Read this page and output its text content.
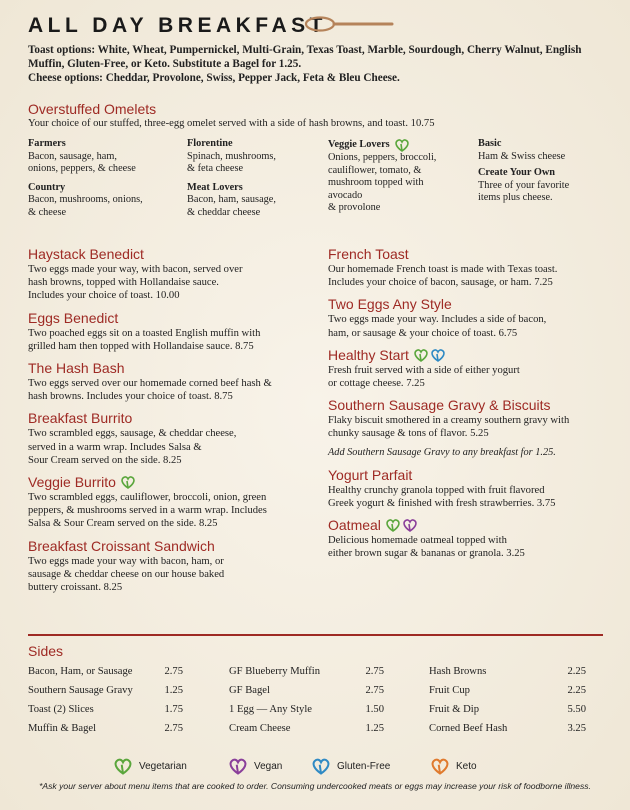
ALL DAY BREAKFAST
Toast options: White, Wheat, Pumpernickel, Multi-Grain, Texas Toast, Marble, Sourdough, Cherry Walnut, English
Muffin, Gluten-Free, or Keto. Substitute a Bagel for 1.25.
Cheese options: Cheddar, Provolone, Swiss, Pepper Jack, Feta & Bleu Cheese.
Overstuffed Omelets
Your choice of our stuffed, three-egg omelet served with a side of hash browns, and toast. 10.75
Farmers
Bacon, sausage, ham,
onions, peppers, & cheese
Country
Bacon, mushrooms, onions,
& cheese
Florentine
Spinach, mushrooms,
& feta cheese
Meat Lovers
Bacon, ham, sausage,
& cheddar cheese
Veggie Lovers
Onions, peppers, broccoli,
cauliflower, tomato, &
mushroom topped with
avocado
& provolone
Basic
Ham & Swiss cheese
Create Your Own
Three of your favorite
items plus cheese.
Haystack Benedict
Two eggs made your way, with bacon, served over
hash browns, topped with Hollandaise sauce.
Includes your choice of toast. 10.00
Eggs Benedict
Two poached eggs sit on a toasted English muffin with
grilled ham then topped with Hollandaise sauce. 8.75
The Hash Bash
Two eggs served over our homemade corned beef hash &
hash browns. Includes your choice of toast. 8.75
Breakfast Burrito
Two scrambled eggs, sausage, & cheddar cheese,
served in a warm wrap. Includes Salsa &
Sour Cream served on the side. 8.25
Veggie Burrito
Two scrambled eggs, cauliflower, broccoli, onion, green
peppers, & mushrooms served in a warm wrap. Includes
Salsa & Sour Cream served on the side. 8.25
Breakfast Croissant Sandwich
Two eggs made your way with bacon, ham, or
sausage & cheddar cheese on our house baked
buttery croissant. 8.25
French Toast
Our homemade French toast is made with Texas toast.
Includes your choice of bacon, sausage, or ham. 7.25
Two Eggs Any Style
Two eggs made your way. Includes a side of bacon,
ham, or sausage & your choice of toast. 6.75
Healthy Start
Fresh fruit served with a side of either yogurt
or cottage cheese. 7.25
Southern Sausage Gravy & Biscuits
Flaky biscuit smothered in a creamy southern gravy with
chunky sausage & tons of flavor. 5.25
Add Southern Sausage Gravy to any breakfast for 1.25.
Yogurt Parfait
Healthy crunchy granola topped with fruit flavored
Greek yogurt & finished with fresh strawberries. 3.75
Oatmeal
Delicious homemade oatmeal topped with
either brown sugar & bananas or granola. 3.25
Sides
Bacon, Ham, or Sausage	2.75
Southern Sausage Gravy	1.25
Toast (2) Slices	1.75
Muffin & Bagel	2.75
GF Blueberry Muffin	2.75
GF Bagel	2.75
1 Egg — Any Style	1.50
Cream Cheese	1.25
Hash Browns	2.25
Fruit Cup	2.25
Fruit & Dip	5.50
Corned Beef Hash	3.25
Vegetarian	Vegan	Gluten-Free	Keto
*Ask your server about menu items that are cooked to order. Consuming undercooked meats or eggs may increase your risk of foodborne illness.
